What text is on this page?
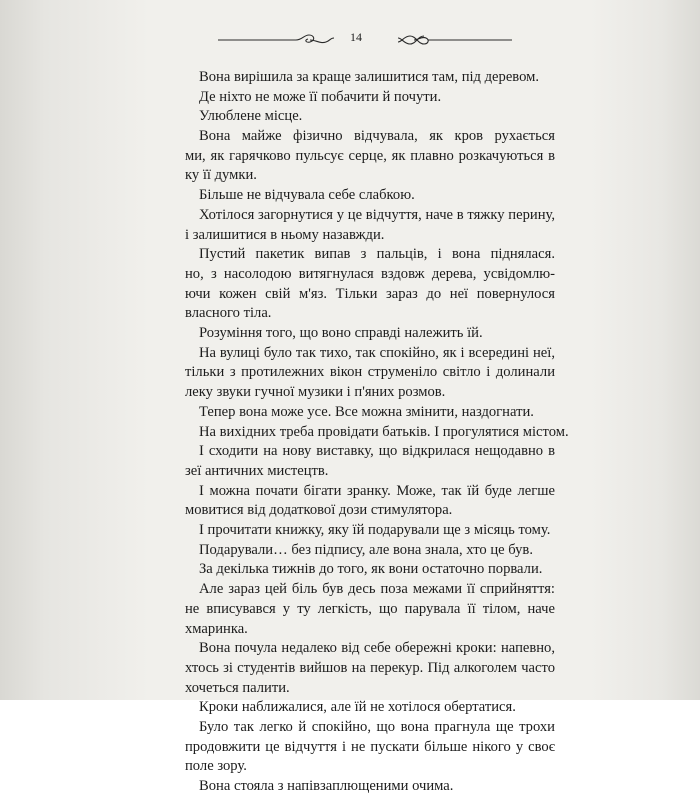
14
Вона вирішила за краще залишитися там, під деревом.
Де ніхто не може її побачити й почути.
Улюблене місце.
Вона майже фізично відчувала, як кров рухається
ми, як гарячково пульсує серце, як плавно розкачуються в
ку її думки.
Більше не відчувала себе слабкою.
Хотілося загорнутися у це відчуття, наче в тяжку перину,
і залишитися в ньому назавжди.
Пустий пакетик випав з пальців, і вона піднялася.
но, з насолодою витягнулася вздовж дерева, усвідомлю-
ючи кожен свій м'яз. Тільки зараз до неї повернулося
власного тіла.
Розуміння того, що воно справді належить їй.
На вулиці було так тихо, так спокійно, як і всередині неї,
тільки з протилежних вікон струменіло світло і долинали
леку звуки гучної музики і п'яних розмов.
Тепер вона може усе. Все можна змінити, наздогнати.
На вихідних треба провідати батьків. І прогулятися містом.
І сходити на нову виставку, що відкрилася нещодавно в
зеї античних мистецтв.
І можна почати бігати зранку. Може, так їй буде легше
мовитися від додаткової дози стимулятора.
І прочитати книжку, яку їй подарували ще з місяць тому.
Подарували… без підпису, але вона знала, хто це був.
За декілька тижнів до того, як вони остаточно порвали.
Але зараз цей біль був десь поза межами її сприйняття:
не вписувався у ту легкість, що парувала її тілом, наче
хмаринка.
Вона почула недалеко від себе обережні кроки: напевно,
хтось зі студентів вийшов на перекур. Під алкоголем часто
хочеться палити.
Кроки наближалися, але їй не хотілося обертатися.
Було так легко й спокійно, що вона прагнула ще трохи
продовжити це відчуття і не пускати більше нікого у своє
поле зору.
Вона стояла з напівзаплющеними очима.
